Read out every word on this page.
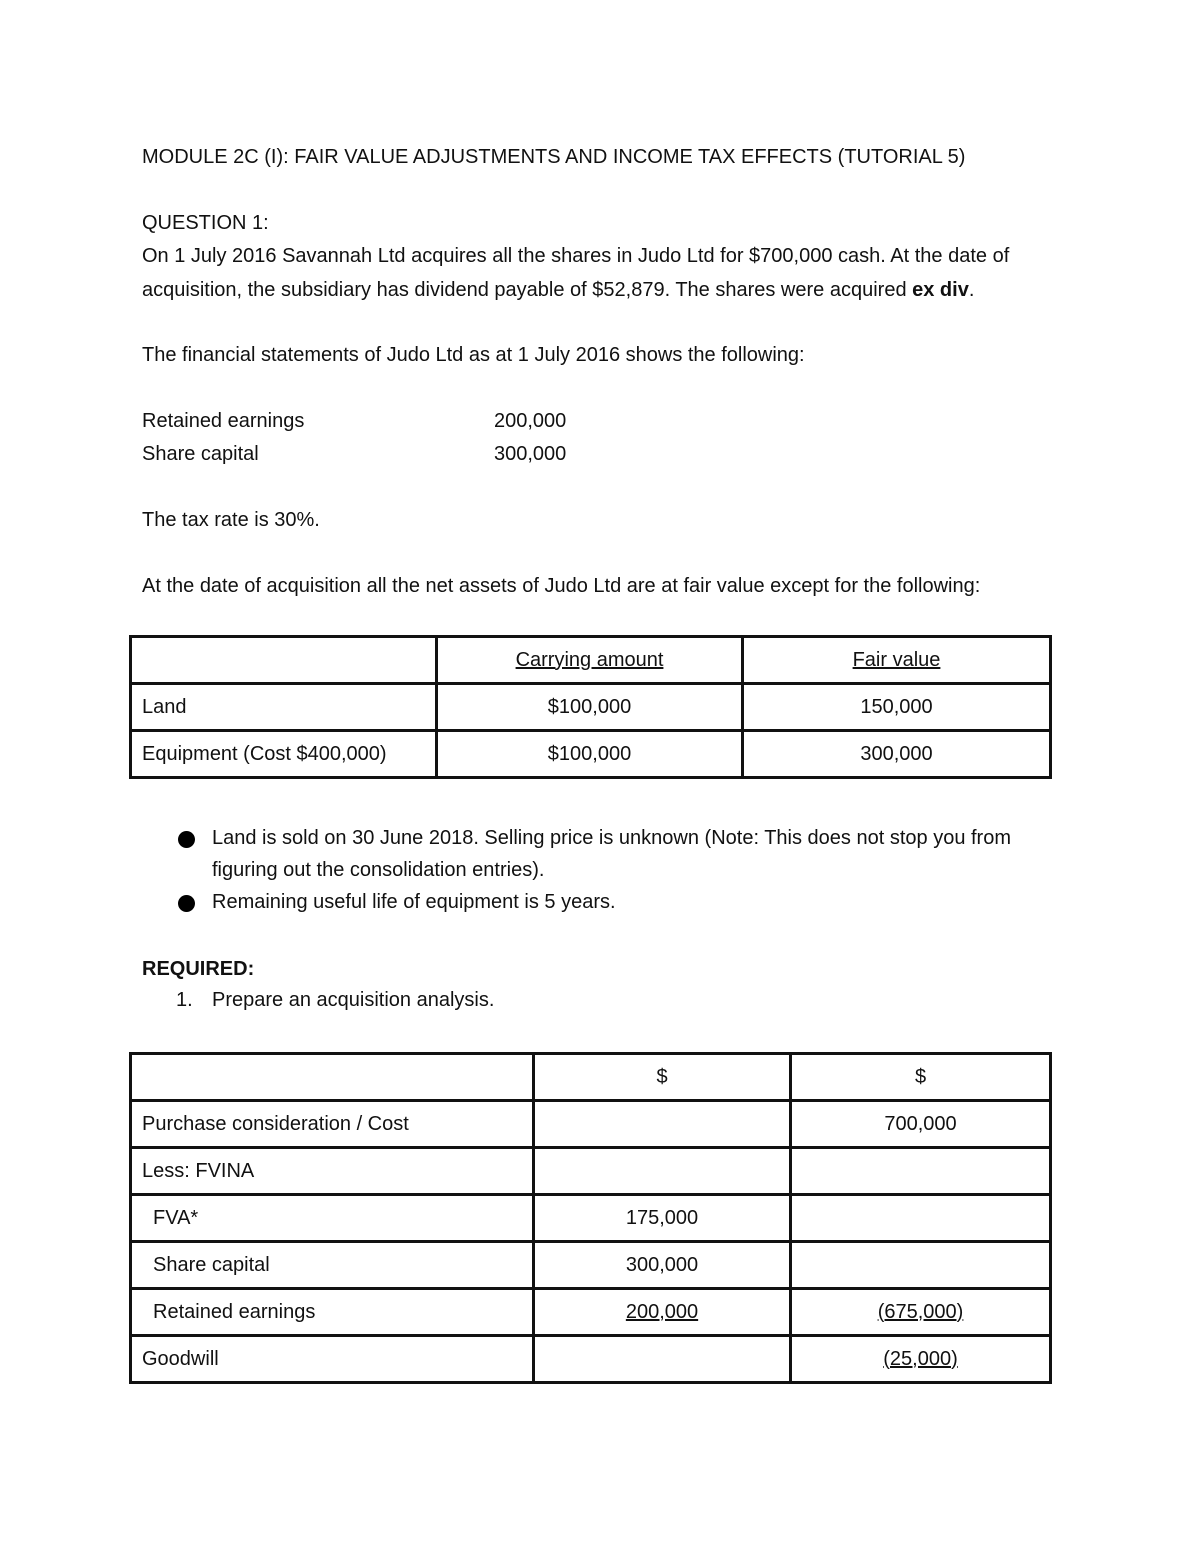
MODULE 2C (I): FAIR VALUE ADJUSTMENTS AND INCOME TAX EFFECTS (TUTORIAL 5)
QUESTION 1:
On 1 July 2016 Savannah Ltd acquires all the shares in Judo Ltd for $700,000 cash. At the date of
acquisition, the subsidiary has dividend payable of $52,879. The shares were acquired ex div.
The financial statements of Judo Ltd as at 1 July 2016 shows the following:
Retained earnings	200,000
Share capital	300,000
The tax rate is 30%.
At the date of acquisition all the net assets of Judo Ltd are at fair value except for the following:
	Carrying amount	Fair value
Land	$100,000	150,000
Equipment (Cost $400,000)	$100,000	300,000
Land is sold on 30 June 2018. Selling price is unknown (Note: This does not stop you from figuring out the consolidation entries).
Remaining useful life of equipment is 5 years.
REQUIRED:
1. Prepare an acquisition analysis.
	$	$
Purchase consideration / Cost		700,000
Less: FVINA		
FVA*	175,000	
Share capital	300,000	
Retained earnings	200,000	(675,000)
Goodwill		(25,000)
